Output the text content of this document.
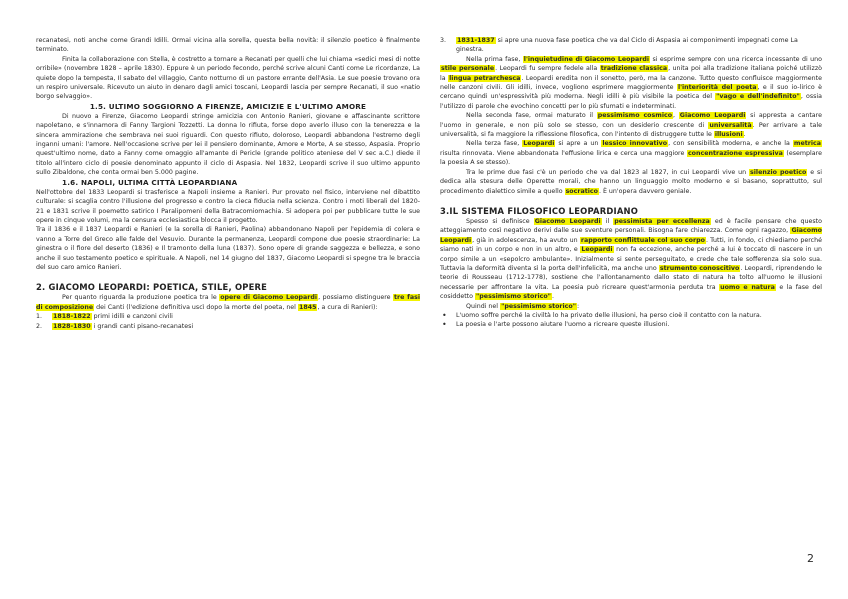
recanatesi, noti anche come Grandi Idilli. Ormai vicina alla sorella, questa bella novità: il silenzio poetico è finalmente terminato.

Finita la collaborazione con Stella, è costretto a tornare a Recanati per quelli che lui chiama «sedici mesi di notte orribile» (novembre 1828 – aprile 1830). Eppure è un periodo fecondo, perché scrive alcuni Canti come Le ricordanze, La quiete dopo la tempesta, Il sabato del villaggio, Canto notturno di un pastore errante dell'Asia. Le sue poesie trovano ora un respiro universale. Ricevuto un aiuto in denaro dagli amici toscani, Leopardi lascia per sempre Recanati, il suo «natio borgo selvaggio».

1.5. ULTIMO SOGGIORNO A FIRENZE, AMICIZIE E L'ULTIMO AMORE

Di nuovo a Firenze, Giacomo Leopardi stringe amicizia con Antonio Ranieri, giovane e affascinante scrittore napoletano, e s'innamora di Fanny Targioni Tozzetti. La donna lo rifiuta, forse dopo averlo illuso con la tenerezza e la sincera ammirazione che sembrava nei suoi riguardi. Con questo rifiuto, doloroso, Leopardi abbandona l'estremo degli inganni umani: l'amore. Nell'occasione scrive per lei il pensiero dominante, Amore e Morte, A se stesso, Aspasia. Proprio quest'ultimo nome, dato a Fanny come omaggio all'amante di Pericle (grande politico ateniese del V sec a.C.) diede il titolo all'intero ciclo di poesie denominato appunto il ciclo di Aspasia. Nel 1832, Leopardi scrive il suo ultimo appunto sullo Zibaldone, che conta ormai ben 5.000 pagine.

1.6. NAPOLI, ULTIMA CITTÀ LEOPARDIANA

Nell'ottobre del 1833 Leopardi si trasferisce a Napoli insieme a Ranieri. Pur provato nel fisico, interviene nel dibattito culturale: si scaglia contro l'illusione del progresso e contro la cieca fiducia nella scienza. Contro i moti liberali del 1820-21 e 1831 scrive il poemetto satirico I Paralipomeni della Batracomiomachia. Si adopera poi per pubblicare tutte le sue opere in cinque volumi, ma la censura ecclesiastica blocca il progetto.

Tra il 1836 e il 1837 Leopardi e Ranieri (e la sorella di Ranieri, Paolina) abbandonano Napoli per l'epidemia di colera e vanno a Torre del Greco alle falde del Vesuvio. Durante la permanenza, Leopardi compone due poesie straordinarie: La ginestra o il fiore del deserto (1836) e Il tramonto della luna (1837). Sono opere di grande saggezza e bellezza, e sono anche il suo testamento poetico e spirituale. A Napoli, nel 14 giugno del 1837, Giacomo Leopardi si spegne tra le braccia del suo caro amico Ranieri.

2. GIACOMO LEOPARDI: POETICA, STILE, OPERE

Per quanto riguarda la produzione poetica tra le opere di Giacomo Leopardi, possiamo distinguere tre fasi di composizione dei Canti (l'edizione definitiva uscì dopo la morte del poeta, nel 1845, a cura di Ranieri):

1. 1818-1822 primi idilli e canzoni civili
2. 1828-1830 i grandi canti pisano-recanatesi
3. 1831-1837 si apre una nuova fase poetica che va dal Ciclo di Aspasia ai componimenti impegnati come La ginestra.

Nella prima fase, l'inquietudine di Giacomo Leopardi si esprime sempre con una ricerca incessante di uno stile personale. Leopardi fu sempre fedele alla tradizione classica, unita poi alla tradizione italiana poiché utilizzò la lingua petrarchesca. Leopardi eredita non il sonetto, però, ma la canzone. Tutto questo confluisce maggiormente nelle canzoni civili. Gli idilli, invece, vogliono esprimere maggiormente l'interiorità del poeta, e il suo io-lirico è cercano quindi un'espressività più moderna. Negli idilli è più visibile la poetica del "vago e dell'indefinito", ossia l'utilizzo di parole che evochino concetti per lo più sfumati e indeterminati.

Nella seconda fase, ormai maturato il pessimismo cosmico, Giacomo Leopardi si appresta a cantare l'uomo in generale, e non più solo se stesso, con un desiderio crescente di universalità. Per arrivare a tale universalità, si fa maggiore la riflessione filosofica, con l'intento di distruggere tutte le illusioni.

Nella terza fase, Leopardi si apre a un lessico innovativo, con sensibilità moderna, e anche la metrica risulta rinnovata. Viene abbandonata l'effusione lirica e cerca una maggiore concentrazione espressiva (esemplare la poesia A se stesso).

Tra le prime due fasi c'è un periodo che va dal 1823 al 1827, in cui Leopardi vive un silenzio poetico e si dedica alla stesura delle Operette morali, che hanno un linguaggio molto moderno e si basano, soprattutto, sul procedimento dialettico simile a quello socratico. È un'opera davvero geniale.

3.IL SISTEMA FILOSOFICO LEOPARDIANO

Spesso si definisce Giacomo Leopardi il pessimista per eccellenza ed è facile pensare che questo atteggiamento così negativo derivi dalle sue sventure personali. Bisogna fare chiarezza. Come ogni ragazzo, Giacomo Leopardi, già in adolescenza, ha avuto un rapporto conflittuale col suo corpo. Tutti, in fondo, ci chiediamo perché siamo nati in un corpo e non in un altro, e Leopardi non fa eccezione, anche perché a lui è toccato di nascere in un corpo simile a un «sepolcro ambulante». Inizialmente si sente perseguitato, e crede che tale sofferenza sia solo sua. Tuttavia la deformità diventa sì la porta dell'infelicità, ma anche uno strumento conoscitivo. Leopardi, riprendendo le teorie di Rousseau (1712-1778), sostiene che l'allontanamento dallo stato di natura ha tolto all'uomo le illusioni necessarie per affrontare la vita. La poesia può ricreare quest'armonia perduta tra uomo e natura e la fase del cosiddetto "pessimismo storico".

Quindi nel "pessimismo storico":

• L'uomo soffre perché la civiltà lo ha privato delle illusioni, ha perso cioè il contatto con la natura.
• La poesia e l'arte possono aiutare l'uomo a ricreare queste illusioni.
2
